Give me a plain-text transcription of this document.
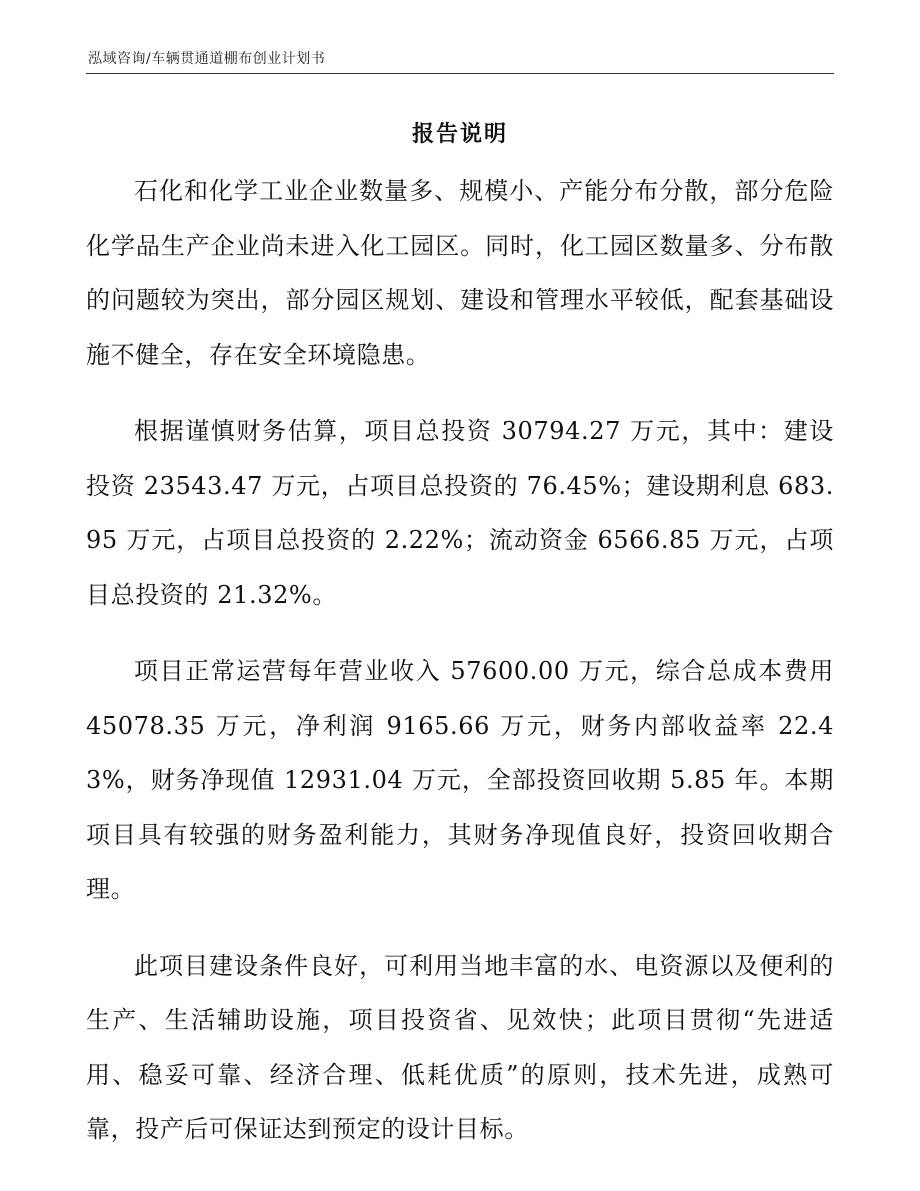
泓域咨询/车辆贯通道棚布创业计划书
报告说明

石化和化学工业企业数量多、规模小、产能分布分散，部分危险化学品生产企业尚未进入化工园区。同时，化工园区数量多、分布散的问题较为突出，部分园区规划、建设和管理水平较低，配套基础设施不健全，存在安全环境隐患。

根据谨慎财务估算，项目总投资 30794.27 万元，其中：建设投资 23543.47 万元，占项目总投资的 76.45%；建设期利息 683.95 万元，占项目总投资的 2.22%；流动资金 6566.85 万元，占项目总投资的 21.32%。

项目正常运营每年营业收入 57600.00 万元，综合总成本费用 45078.35 万元，净利润 9165.66 万元，财务内部收益率 22.43%，财务净现值 12931.04 万元，全部投资回收期 5.85 年。本期项目具有较强的财务盈利能力，其财务净现值良好，投资回收期合理。

此项目建设条件良好，可利用当地丰富的水、电资源以及便利的生产、生活辅助设施，项目投资省、见效快；此项目贯彻“先进适用、稳妥可靠、经济合理、低耗优质”的原则，技术先进，成熟可靠，投产后可保证达到预定的设计目标。
